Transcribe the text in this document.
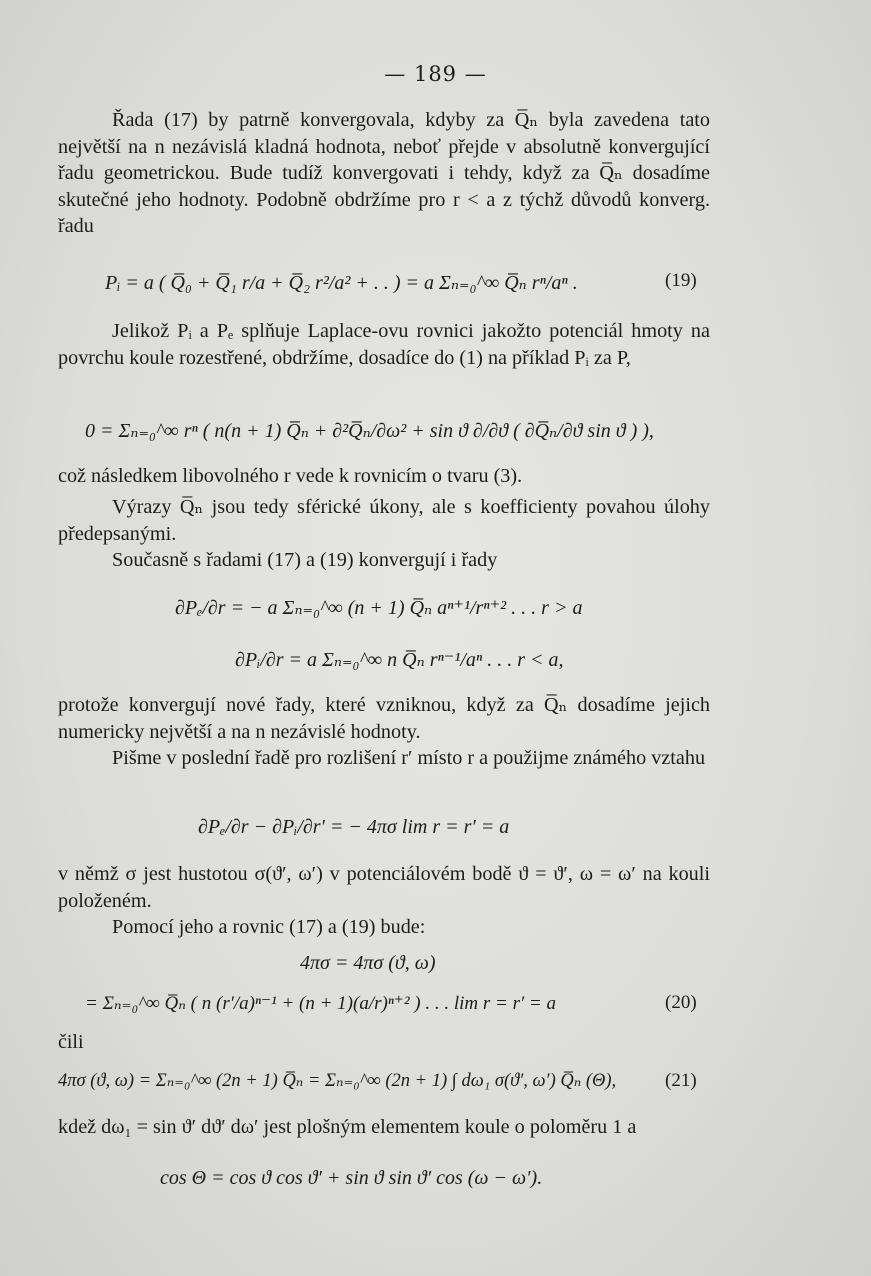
— 189 —

Řada (17) by patrně konvergovala, kdyby za Q̅ₙ byla zavedena tato největší na n nezávislá kladná hodnota, neboť přejde v absolutně konvergující řadu geometrickou. Bude tudíž konvergovati i tehdy, když za Q̅ₙ dosadíme skutečné jeho hodnoty. Podobně obdržíme pro r < a z týchž důvodů konverg. řadu

Pᵢ = a ( Q̅₀ + Q̅₁ r/a + Q̅₂ r²/a² + . . ) = a Σₙ₌₀^∞ Q̅ₙ rⁿ/aⁿ .	(19)

Jelikož Pᵢ a Pₑ splňuje Laplace-ovu rovnici jakožto potenciál hmoty na povrchu koule rozestřené, obdržíme, dosadíce do (1) na příklad Pᵢ za P,

0 = Σₙ₌₀^∞ rⁿ ( n(n + 1) Q̅ₙ + ∂²Q̅ₙ/∂ω² + sin ϑ ∂/∂ϑ ( ∂Q̅ₙ/∂ϑ sin ϑ ) ),

což následkem libovolného r vede k rovnicím o tvaru (3).

Výrazy Q̅ₙ jsou tedy sférické úkony, ale s koefficienty povahou úlohy předepsanými.

Současně s řadami (17) a (19) konvergují i řady

∂Pₑ/∂r = − a Σₙ₌₀^∞ (n + 1) Q̅ₙ aⁿ⁺¹/rⁿ⁺² . . . r > a
∂Pᵢ/∂r = a Σₙ₌₀^∞ n Q̅ₙ rⁿ⁻¹/aⁿ . . . r < a,

protože konvergují nové řady, které vzniknou, když za Q̅ₙ dosadíme jejich numericky největší a na n nezávislé hodnoty.

Pišme v poslední řadě pro rozlišení r′ místo r a použijme známého vztahu

∂Pₑ/∂r − ∂Pᵢ/∂r′ = − 4πσ lim r = r′ = a

v němž σ jest hustotou σ(ϑ′, ω′) v potenciálovém bodě ϑ = ϑ′, ω = ω′ na kouli položeném.

Pomocí jeho a rovnic (17) a (19) bude:

4πσ = 4πσ (ϑ, ω)
= Σₙ₌₀^∞ Q̅ₙ ( n (r′/a)ⁿ⁻¹ + (n + 1)(a/r)ⁿ⁺² ) . . . lim r = r′ = a	(20)
čili
4πσ (ϑ, ω) = Σₙ₌₀^∞ (2n + 1) Q̅ₙ = Σₙ₌₀^∞ (2n + 1) ∫ dω₁ σ(ϑ′, ω′) Q̅ₙ (Θ),	(21)

kdež dω₁ = sin ϑ′ dϑ′ dω′ jest plošným elementem koule o poloměru 1 a

cos Θ = cos ϑ cos ϑ′ + sin ϑ sin ϑ′ cos (ω − ω′).
